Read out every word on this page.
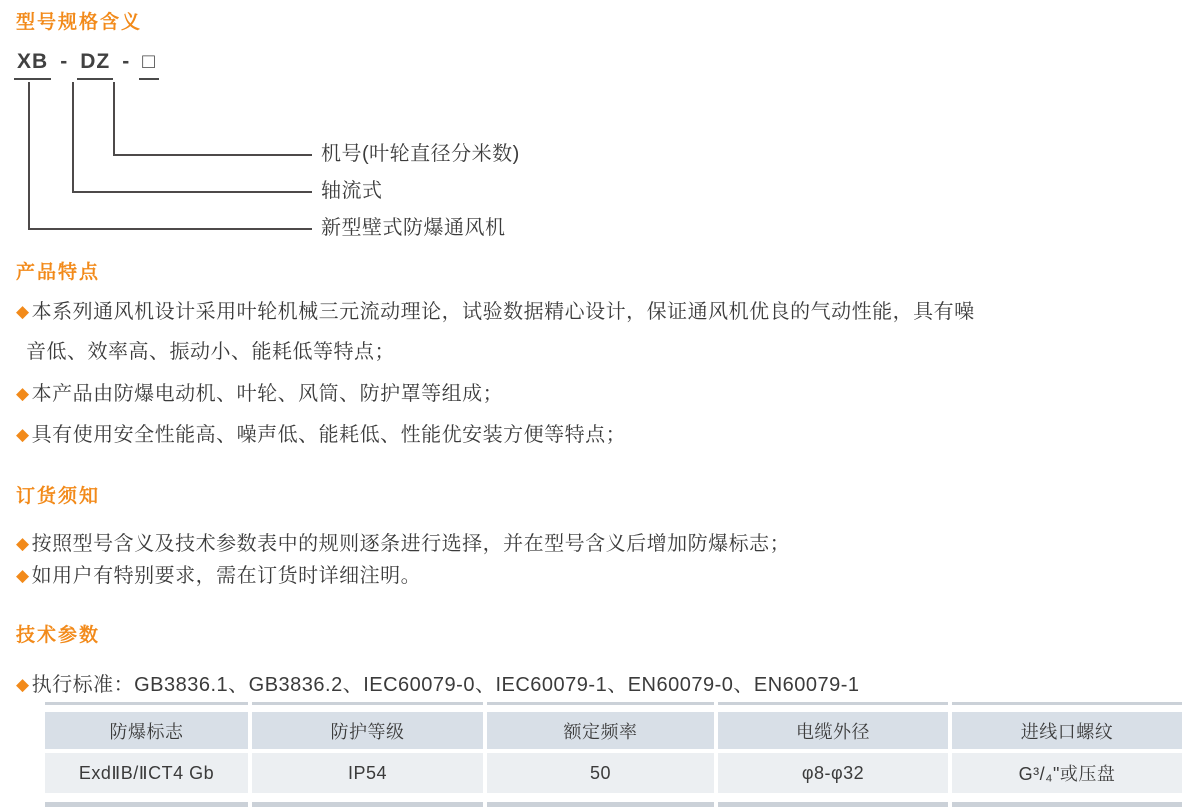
型号规格含义
XB - DZ - □
机号(叶轮直径分米数)
轴流式
新型壁式防爆通风机
产品特点
◆ 本系列通风机设计采用叶轮机械三元流动理论，试验数据精心设计，保证通风机优良的气动性能，具有噪
音低、效率高、振动小、能耗低等特点；
◆ 本产品由防爆电动机、叶轮、风筒、防护罩等组成；
◆ 具有使用安全性能高、噪声低、能耗低、性能优安装方便等特点；
订货须知
◆ 按照型号含义及技术参数表中的规则逐条进行选择，并在型号含义后增加防爆标志；
◆ 如用户有特别要求，需在订货时详细注明。
技术参数
◆ 执行标准：GB3836.1、GB3836.2、IEC60079-0、IEC60079-1、EN60079-0、EN60079-1
防爆标志	防护等级	额定频率	电缆外径	进线口螺纹
ExdⅡB/ⅡCT4 Gb	IP54	50	φ8-φ32	G³/₄"或压盘
